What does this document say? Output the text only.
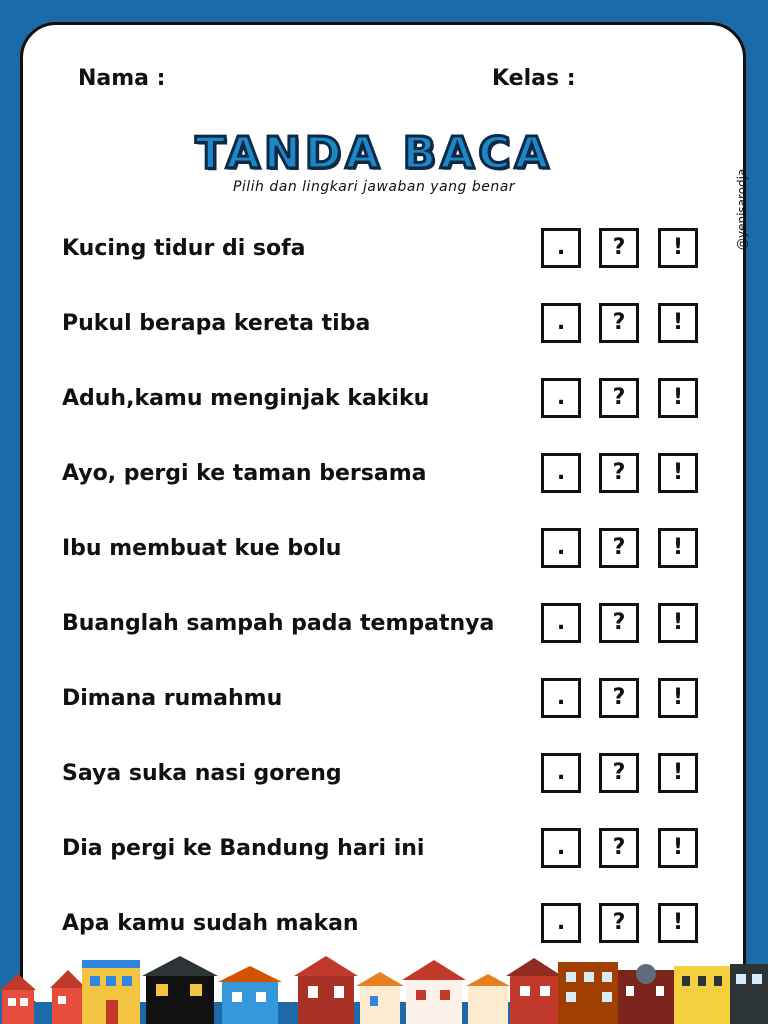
Nama :	Kelas :
TANDA BACA
Pilih dan lingkari jawaban yang benar	@yenisarodja
Kucing tidur di sofa	.	?	!
Pukul berapa kereta tiba	.	?	!
Aduh,kamu menginjak kakiku	.	?	!
Ayo, pergi ke taman bersama	.	?	!
Ibu membuat kue bolu	.	?	!
Buanglah sampah pada tempatnya	.	?	!
Dimana rumahmu	.	?	!
Saya suka nasi goreng	.	?	!
Dia pergi ke Bandung hari ini	.	?	!
Apa kamu sudah makan	.	?	!
